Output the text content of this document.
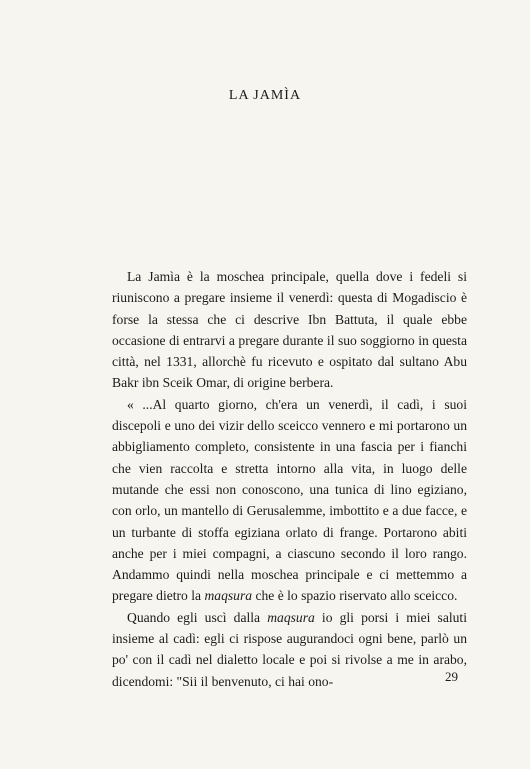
LA JAMÌA

La Jamìa è la moschea principale, quella dove i fedeli si riuniscono a pregare insieme il venerdì: questa di Mogadiscio è forse la stessa che ci descrive Ibn Battuta, il quale ebbe occasione di entrarvi a pregare durante il suo soggiorno in questa città, nel 1331, allorchè fu ricevuto e ospitato dal sultano Abu Bakr ibn Sceik Omar, di origine berbera.

« ...Al quarto giorno, ch'era un venerdì, il cadì, i suoi discepoli e uno dei vizir dello sceicco vennero e mi portarono un abbigliamento completo, consistente in una fascia per i fianchi che vien raccolta e stretta intorno alla vita, in luogo delle mutande che essi non conoscono, una tunica di lino egiziano, con orlo, un mantello di Gerusalemme, imbottito e a due facce, e un turbante di stoffa egiziana orlato di frange. Portarono abiti anche per i miei compagni, a ciascuno secondo il loro rango. Andammo quindi nella moschea principale e ci mettemmo a pregare dietro la maqsura che è lo spazio riservato allo sceicco.

Quando egli uscì dalla maqsura io gli porsi i miei saluti insieme al cadì: egli ci rispose augurandoci ogni bene, parlò un po' con il cadì nel dialetto locale e poi si rivolse a me in arabo, dicendomi: "Sii il benvenuto, ci hai ono-	29
